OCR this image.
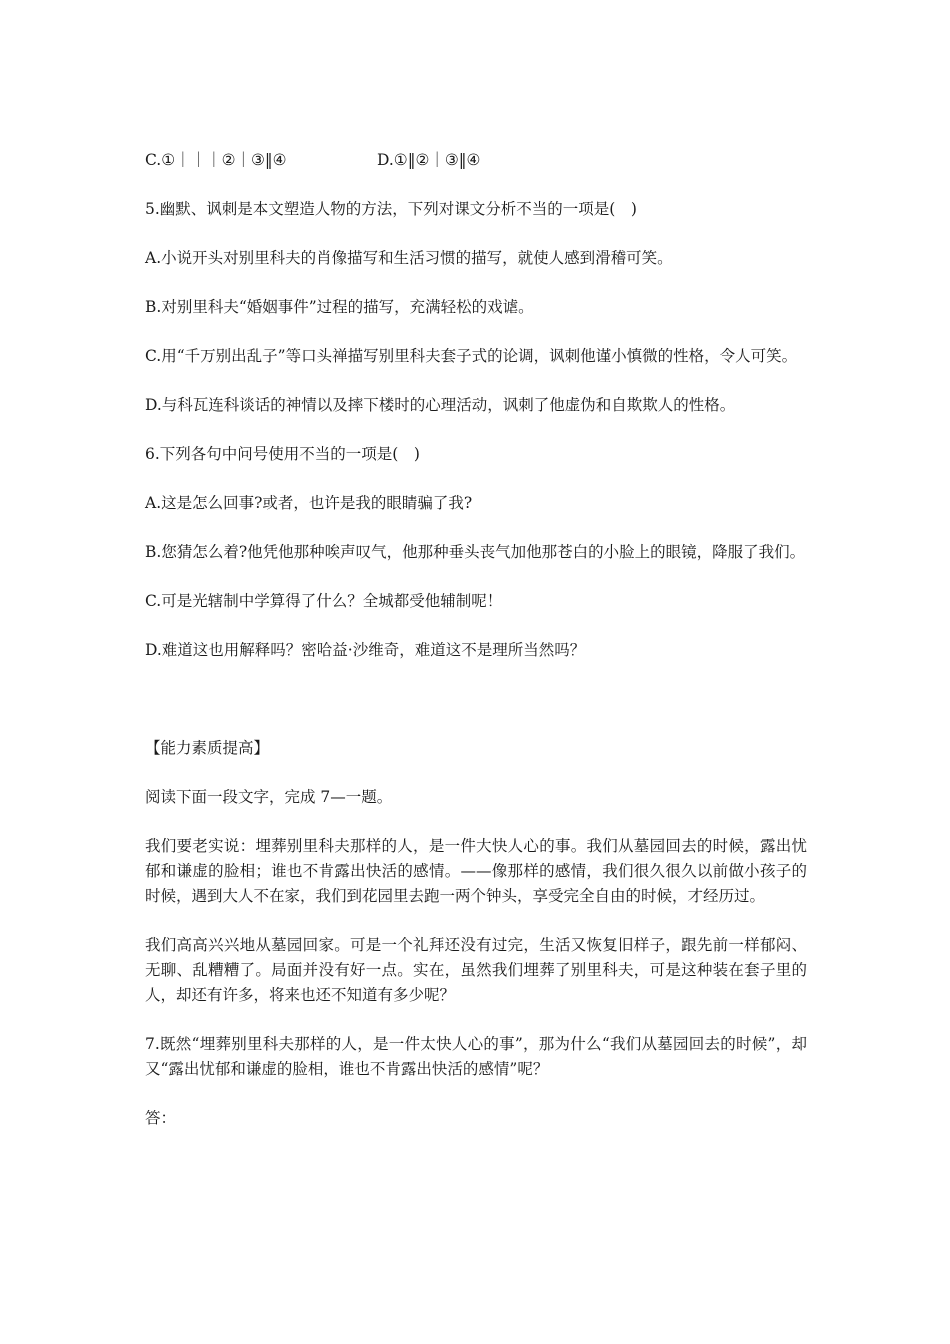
C.①｜｜｜②｜③‖④	D.①‖②｜③‖④

5.幽默、讽刺是本文塑造人物的方法，下列对课文分析不当的一项是(　)

A.小说开头对别里科夫的肖像描写和生活习惯的描写，就使人感到滑稽可笑。

B.对别里科夫“婚姻事件”过程的描写，充满轻松的戏谑。

C.用“千万别出乱子”等口头禅描写别里科夫套子式的论调，讽刺他谨小慎微的性格，令人可笑。

D.与科瓦连科谈话的神情以及摔下楼时的心理活动，讽刺了他虚伪和自欺欺人的性格。

6.下列各句中问号使用不当的一项是(　)

A.这是怎么回事?或者，也许是我的眼睛骗了我?

B.您猜怎么着?他凭他那种唉声叹气，他那种垂头丧气加他那苍白的小脸上的眼镜，降服了我们。

C.可是光辖制中学算得了什么？全城都受他辅制呢！

D.难道这也用解释吗？密哈益·沙维奇，难道这不是理所当然吗？

【能力素质提高】

阅读下面一段文字，完成 7—一题。

我们要老实说：埋葬别里科夫那样的人，是一件大快人心的事。我们从墓园回去的时候，露出忧郁和谦虚的脸相；谁也不肯露出快活的感情。——像那样的感情，我们很久很久以前做小孩子的时候，遇到大人不在家，我们到花园里去跑一两个钟头，享受完全自由的时候，才经历过。

我们高高兴兴地从墓园回家。可是一个礼拜还没有过完，生活又恢复旧样子，跟先前一样郁闷、无聊、乱糟糟了。局面并没有好一点。实在，虽然我们埋葬了别里科夫，可是这种装在套子里的人，却还有许多，将来也还不知道有多少呢？

7.既然“埋葬别里科夫那样的人，是一件太快人心的事”，那为什么“我们从墓园回去的时候”，却又“露出忧郁和谦虚的脸相，谁也不肯露出快活的感情”呢？

答：
